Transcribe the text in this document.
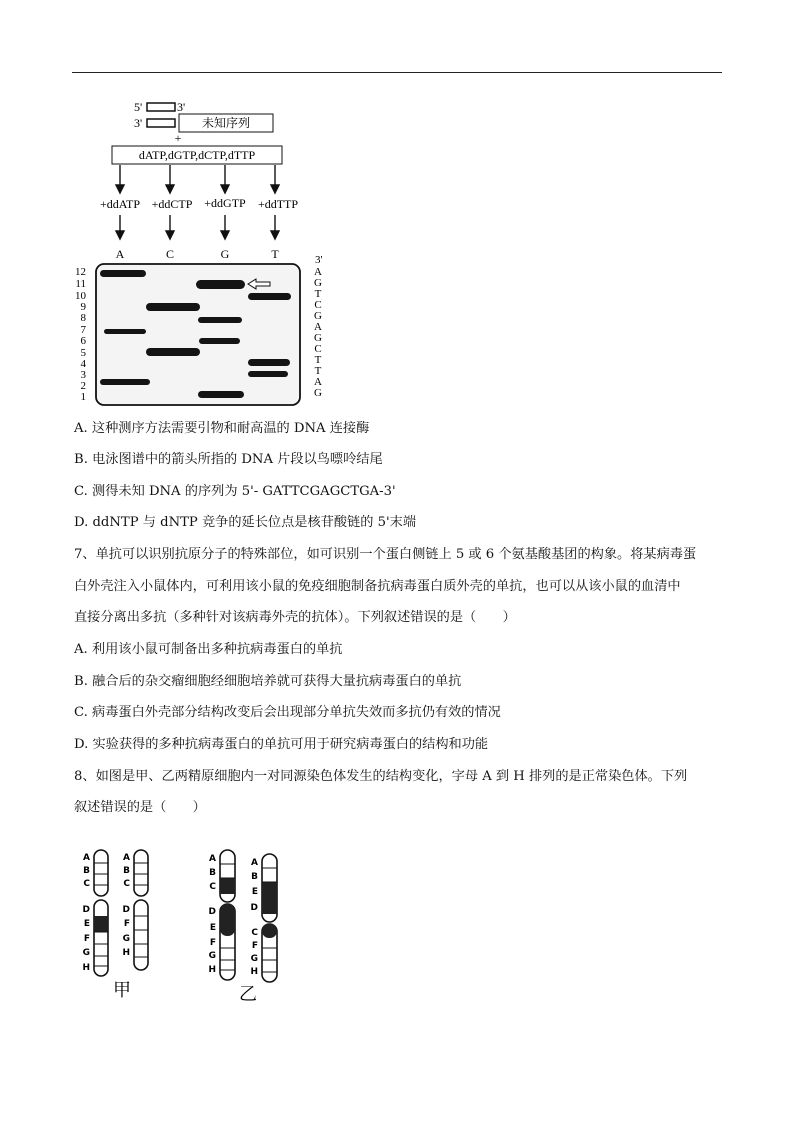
5'	3'
3'	未知序列
+
dATP,dGTP,dCTP,dTTP
+ddATP +ddCTP +ddGTP +ddTTP
A	C	G	T
12
11
10
9
8
7
6
5
4
3
2
1
3'
A
G
T
C
G
A
G
C
T
T
A
G
A. 这种测序方法需要引物和耐高温的 DNA 连接酶
B. 电泳图谱中的箭头所指的 DNA 片段以鸟嘌呤结尾
C. 测得未知 DNA 的序列为 5'- GATTCGAGCTGA-3'
D. ddNTP 与 dNTP 竞争的延长位点是核苷酸链的 5'末端
7、单抗可以识别抗原分子的特殊部位，如可识别一个蛋白侧链上 5 或 6 个氨基酸基团的构象。将某病毒蛋
白外壳注入小鼠体内，可利用该小鼠的免疫细胞制备抗病毒蛋白质外壳的单抗，也可以从该小鼠的血清中
直接分离出多抗（多种针对该病毒外壳的抗体）。下列叙述错误的是（　　）
A. 利用该小鼠可制备出多种抗病毒蛋白的单抗
B. 融合后的杂交瘤细胞经细胞培养就可获得大量抗病毒蛋白的单抗
C. 病毒蛋白外壳部分结构改变后会出现部分单抗失效而多抗仍有效的情况
D. 实验获得的多种抗病毒蛋白的单抗可用于研究病毒蛋白的结构和功能
8、如图是甲、乙两精原细胞内一对同源染色体发生的结构变化，字母 A 到 H 排列的是正常染色体。下列
叙述错误的是（　　）
A
B
C
D
E
F
G
H
A
B
C
D
F
G
H
甲
A
B
C
D
E
F
G
H
A
B
E
D
C
F
G
H
乙
